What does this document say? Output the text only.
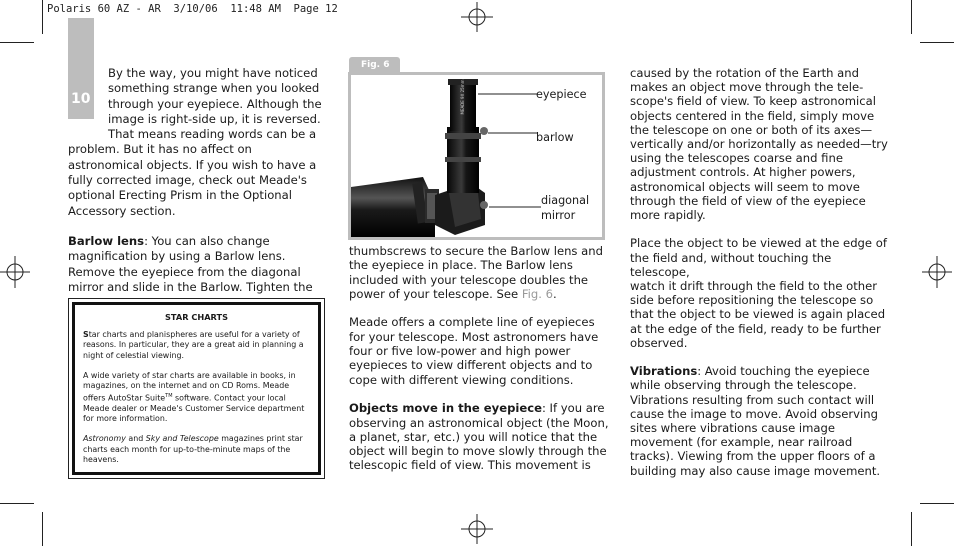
Polaris 60 AZ - AR  3/10/06  11:48 AM  Page 12
10
By the way, you might have noticed
something strange when you looked
through your eyepiece. Although the
image is right-side up, it is reversed.
That means reading words can be a
problem. But it has no affect on
astronomical objects. If you wish to have a
fully corrected image, check out Meade's
optional Erecting Prism in the Optional
Accessory section.
Barlow lens: You can also change
magnification by using a Barlow lens.
Remove the eyepiece from the diagonal
mirror and slide in the Barlow. Tighten the
STAR CHARTS

Star charts and planispheres are useful for a variety of
reasons. In particular, they are a great aid in planning a
night of celestial viewing.

A wide variety of star charts are available in books, in
magazines, on the internet and on CD Roms. Meade
offers AutoStar Suite™ software. Contact your local
Meade dealer or Meade's Customer Service department
for more information.

Astronomy and Sky and Telescope magazines print star
charts each month for up-to-the-minute maps of the
heavens.

Fig. 6
MEADE 9X 25mm	eyepiece
barlow
diagonal
mirror
thumbscrews to secure the Barlow lens and
the eyepiece in place. The Barlow lens
included with your telescope doubles the
power of your telescope. See Fig. 6.
Meade offers a complete line of eyepieces
for your telescope. Most astronomers have
four or five low-power and high power
eyepieces to view different objects and to
cope with different viewing conditions.
Objects move in the eyepiece: If you are
observing an astronomical object (the Moon,
a planet, star, etc.) you will notice that the
object will begin to move slowly through the
telescopic field of view. This movement is
caused by the rotation of the Earth and
makes an object move through the tele-
scope's field of view. To keep astronomical
objects centered in the field, simply move
the telescope on one or both of its axes—
vertically and/or horizontally as needed—try
using the telescopes coarse and fine
adjustment controls. At higher powers,
astronomical objects will seem to move
through the field of view of the eyepiece
more rapidly.
Place the object to be viewed at the edge of
the field and, without touching the telescope,
watch it drift through the field to the other
side before repositioning the telescope so
that the object to be viewed is again placed
at the edge of the field, ready to be further
observed.
Vibrations: Avoid touching the eyepiece
while observing through the telescope.
Vibrations resulting from such contact will
cause the image to move. Avoid observing
sites where vibrations cause image
movement (for example, near railroad
tracks). Viewing from the upper floors of a
building may also cause image movement.
